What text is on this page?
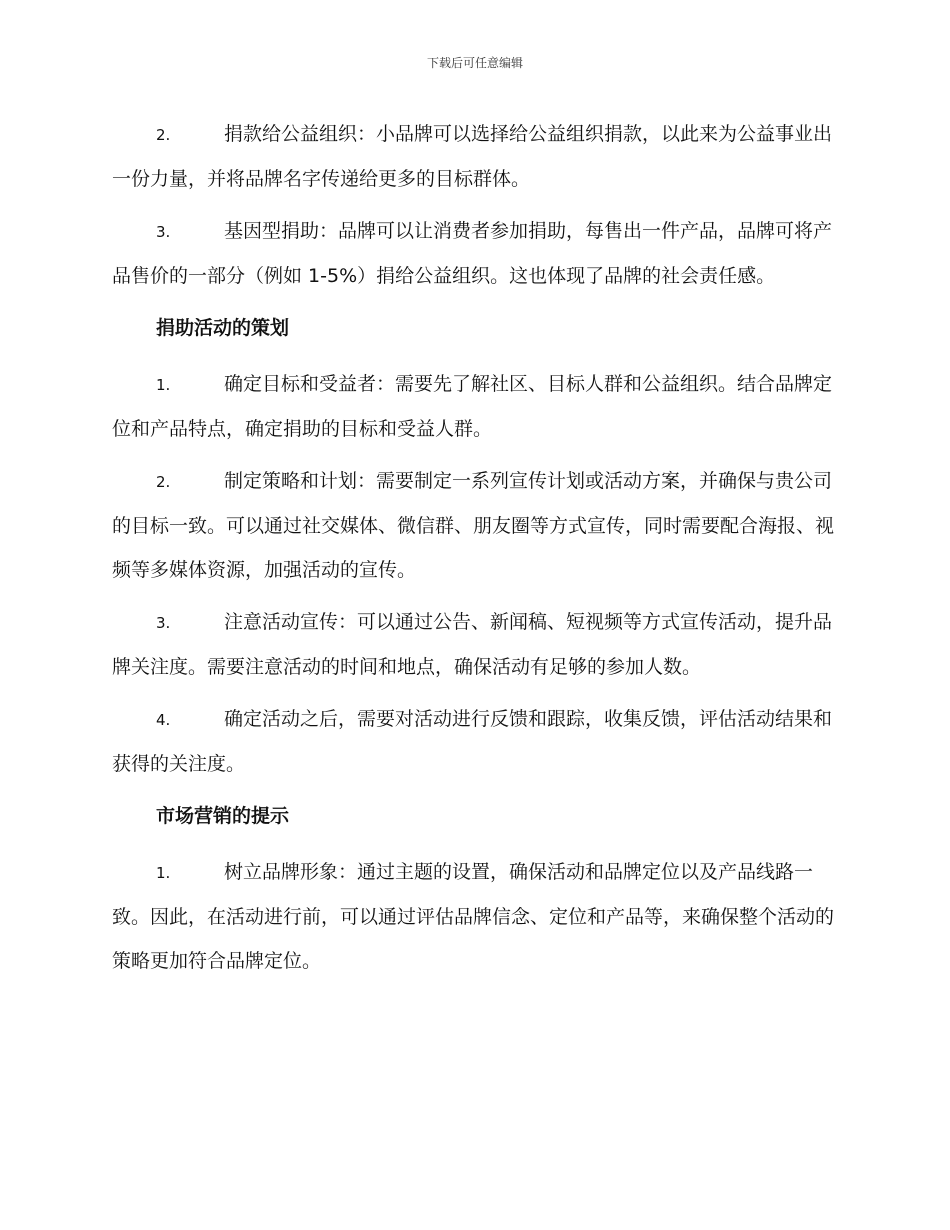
下载后可任意编辑

2.	捐款给公益组织：小品牌可以选择给公益组织捐款，以此来为公益事业出一份力量，并将品牌名字传递给更多的目标群体。

3.	基因型捐助：品牌可以让消费者参加捐助，每售出一件产品，品牌可将产品售价的一部分（例如 1-5%）捐给公益组织。这也体现了品牌的社会责任感。

捐助活动的策划

1.	确定目标和受益者：需要先了解社区、目标人群和公益组织。结合品牌定位和产品特点，确定捐助的目标和受益人群。

2.	制定策略和计划：需要制定一系列宣传计划或活动方案，并确保与贵公司的目标一致。可以通过社交媒体、微信群、朋友圈等方式宣传，同时需要配合海报、视频等多媒体资源，加强活动的宣传。

3.	注意活动宣传：可以通过公告、新闻稿、短视频等方式宣传活动，提升品牌关注度。需要注意活动的时间和地点，确保活动有足够的参加人数。

4.	确定活动之后，需要对活动进行反馈和跟踪，收集反馈，评估活动结果和获得的关注度。

市场营销的提示

1.	树立品牌形象：通过主题的设置，确保活动和品牌定位以及产品线路一致。因此，在活动进行前，可以通过评估品牌信念、定位和产品等，来确保整个活动的策略更加符合品牌定位。
